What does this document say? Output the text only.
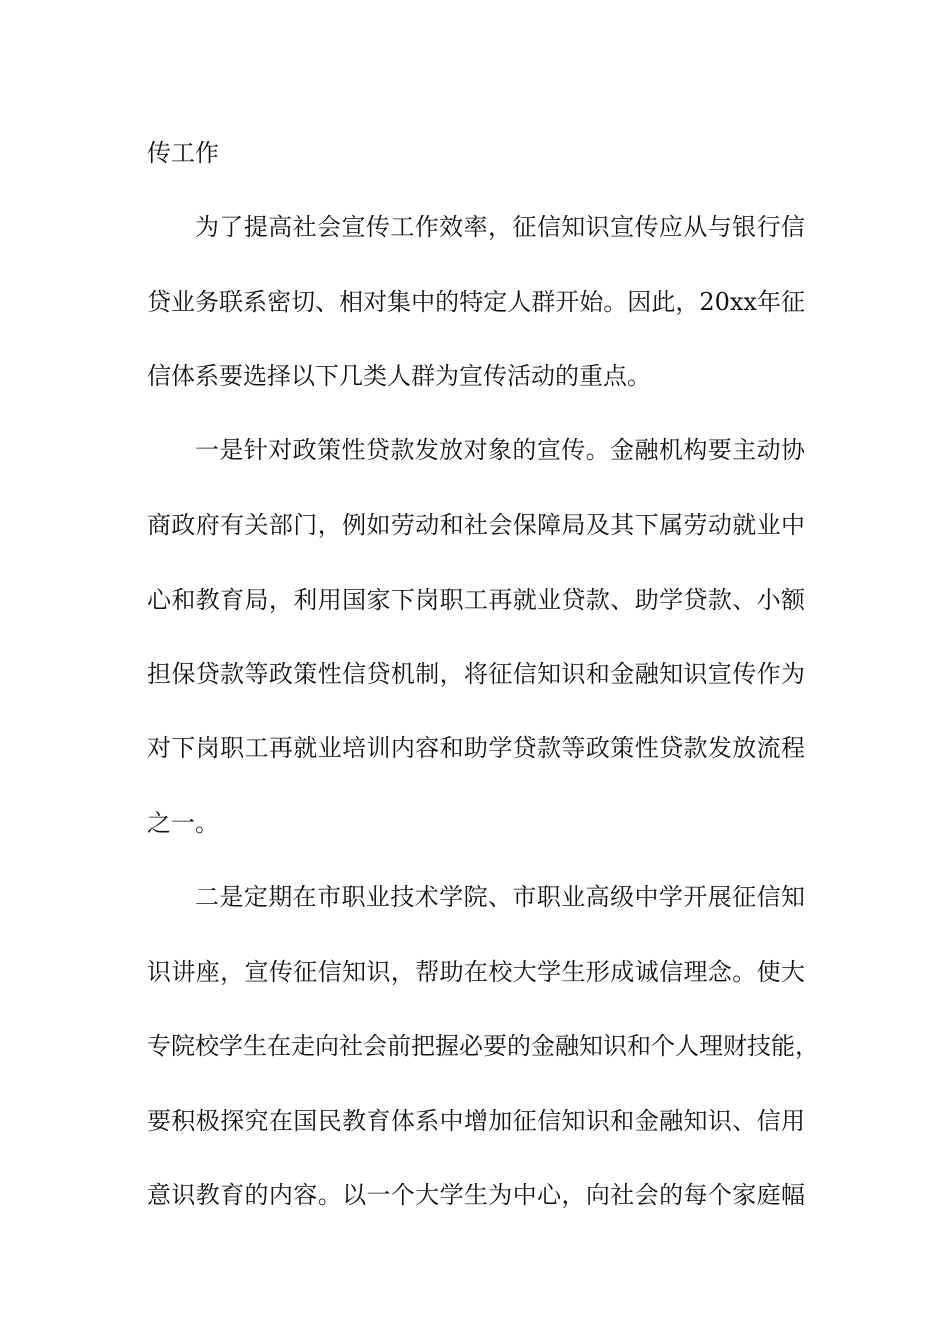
传工作

为了提高社会宣传工作效率，征信知识宣传应从与银行信

贷业务联系密切、相对集中的特定人群开始。因此，20xx年征

信体系要选择以下几类人群为宣传活动的重点。

一是针对政策性贷款发放对象的宣传。金融机构要主动协

商政府有关部门，例如劳动和社会保障局及其下属劳动就业中

心和教育局，利用国家下岗职工再就业贷款、助学贷款、小额

担保贷款等政策性信贷机制，将征信知识和金融知识宣传作为

对下岗职工再就业培训内容和助学贷款等政策性贷款发放流程

之一。

二是定期在市职业技术学院、市职业高级中学开展征信知

识讲座，宣传征信知识，帮助在校大学生形成诚信理念。使大

专院校学生在走向社会前把握必要的金融知识和个人理财技能，

要积极探究在国民教育体系中增加征信知识和金融知识、信用

意识教育的内容。以一个大学生为中心，向社会的每个家庭幅
